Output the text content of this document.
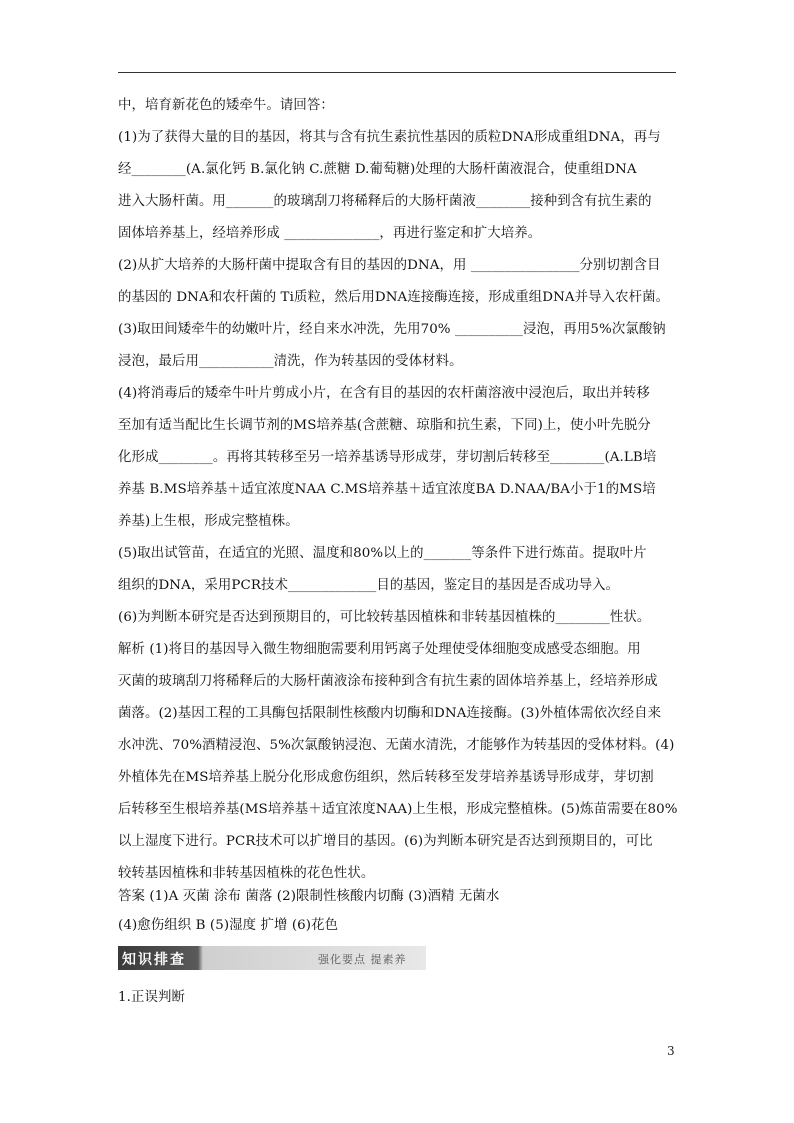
中，培育新花色的矮牵牛。请回答：
(1)为了获得大量的目的基因，将其与含有抗生素抗性基因的质粒DNA形成重组DNA，再与
经________(A.氯化钙 B.氯化钠 C.蔗糖 D.葡萄糖)处理的大肠杆菌液混合，使重组DNA
进入大肠杆菌。用_______的玻璃刮刀将稀释后的大肠杆菌液________接种到含有抗生素的
固体培养基上，经培养形成 ______________，再进行鉴定和扩大培养。
(2)从扩大培养的大肠杆菌中提取含有目的基因的DNA，用 ________________分别切割含目
的基因的 DNA和农杆菌的 Ti质粒，然后用DNA连接酶连接，形成重组DNA并导入农杆菌。
(3)取田间矮牵牛的幼嫩叶片，经自来水冲洗，先用70% __________浸泡，再用5%次氯酸钠
浸泡，最后用___________清洗，作为转基因的受体材料。
(4)将消毒后的矮牵牛叶片剪成小片，在含有目的基因的农杆菌溶液中浸泡后，取出并转移
至加有适当配比生长调节剂的MS培养基(含蔗糖、琼脂和抗生素，下同)上，使小叶先脱分
化形成________。再将其转移至另一培养基诱导形成芽，芽切割后转移至________(A.LB培
养基 B.MS培养基＋适宜浓度NAA C.MS培养基＋适宜浓度BA D.NAA/BA小于1的MS培
养基)上生根，形成完整植株。
(5)取出试管苗，在适宜的光照、温度和80%以上的_______等条件下进行炼苗。提取叶片
组织的DNA，采用PCR技术_____________目的基因，鉴定目的基因是否成功导入。
(6)为判断本研究是否达到预期目的，可比较转基因植株和非转基因植株的________性状。
解析 (1)将目的基因导入微生物细胞需要利用钙离子处理使受体细胞变成感受态细胞。用
灭菌的玻璃刮刀将稀释后的大肠杆菌液涂布接种到含有抗生素的固体培养基上，经培养形成
菌落。(2)基因工程的工具酶包括限制性核酸内切酶和DNA连接酶。(3)外植体需依次经自来
水冲洗、70%酒精浸泡、5%次氯酸钠浸泡、无菌水清洗，才能够作为转基因的受体材料。(4)
外植体先在MS培养基上脱分化形成愈伤组织，然后转移至发芽培养基诱导形成芽，芽切割
后转移至生根培养基(MS培养基＋适宜浓度NAA)上生根，形成完整植株。(5)炼苗需要在80%
以上湿度下进行。PCR技术可以扩增目的基因。(6)为判断本研究是否达到预期目的，可比
较转基因植株和非转基因植株的花色性状。
答案 (1)A 灭菌 涂布 菌落 (2)限制性核酸内切酶 (3)酒精 无菌水
(4)愈伤组织 B (5)湿度 扩增 (6)花色
知识排查	强化要点 提素养
1.正误判断
3
